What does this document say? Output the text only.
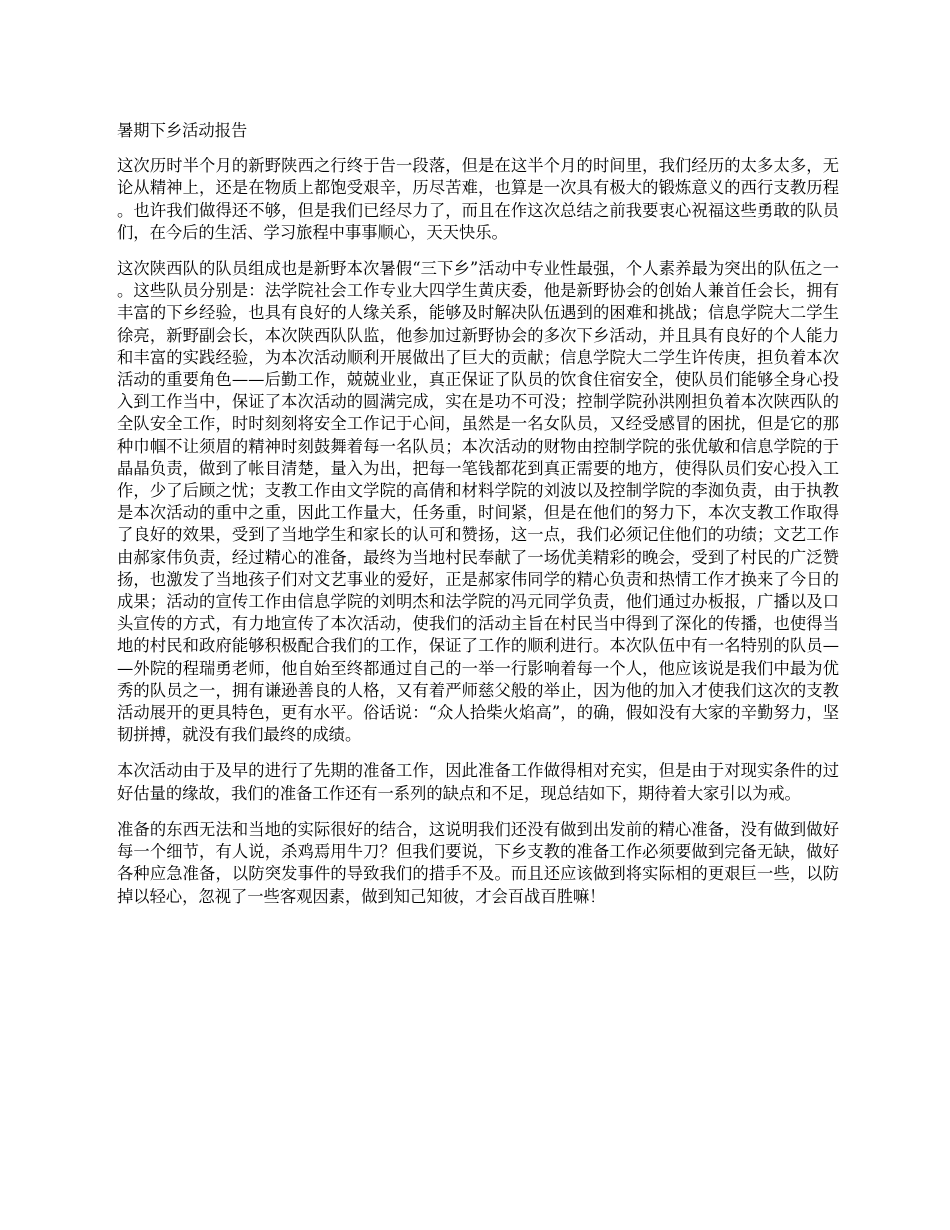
暑期下乡活动报告

这次历时半个月的新野陕西之行终于告一段落，但是在这半个月的时间里，我们经历的太多太多，无论从精神上，还是在物质上都饱受艰辛，历尽苦难，也算是一次具有极大的锻炼意义的西行支教历程。也许我们做得还不够，但是我们已经尽力了，而且在作这次总结之前我要衷心祝福这些勇敢的队员们，在今后的生活、学习旅程中事事顺心，天天快乐。

这次陕西队的队员组成也是新野本次暑假“三下乡”活动中专业性最强，个人素养最为突出的队伍之一。这些队员分别是：法学院社会工作专业大四学生黄庆委，他是新野协会的创始人兼首任会长，拥有丰富的下乡经验，也具有良好的人缘关系，能够及时解决队伍遇到的困难和挑战；信息学院大二学生徐亮，新野副会长，本次陕西队队监，他参加过新野协会的多次下乡活动，并且具有良好的个人能力和丰富的实践经验，为本次活动顺利开展做出了巨大的贡献；信息学院大二学生许传庚，担负着本次活动的重要角色——后勤工作，兢兢业业，真正保证了队员的饮食住宿安全，使队员们能够全身心投入到工作当中，保证了本次活动的圆满完成，实在是功不可没；控制学院孙洪刚担负着本次陕西队的全队安全工作，时时刻刻将安全工作记于心间，虽然是一名女队员，又经受感冒的困扰，但是它的那种巾帼不让须眉的精神时刻鼓舞着每一名队员；本次活动的财物由控制学院的张优敏和信息学院的于晶晶负责，做到了帐目清楚，量入为出，把每一笔钱都花到真正需要的地方，使得队员们安心投入工作，少了后顾之忧；支教工作由文学院的高倩和材料学院的刘波以及控制学院的李洳负责，由于执教是本次活动的重中之重，因此工作量大，任务重，时间紧，但是在他们的努力下，本次支教工作取得了良好的效果，受到了当地学生和家长的认可和赞扬，这一点，我们必须记住他们的功绩；文艺工作由郝家伟负责，经过精心的准备，最终为当地村民奉献了一场优美精彩的晚会，受到了村民的广泛赞扬，也激发了当地孩子们对文艺事业的爱好，正是郝家伟同学的精心负责和热情工作才换来了今日的成果；活动的宣传工作由信息学院的刘明杰和法学院的冯元同学负责，他们通过办板报，广播以及口头宣传的方式，有力地宣传了本次活动，使我们的活动主旨在村民当中得到了深化的传播，也使得当地的村民和政府能够积极配合我们的工作，保证了工作的顺利进行。本次队伍中有一名特别的队员——外院的程瑞勇老师，他自始至终都通过自己的一举一行影响着每一个人，他应该说是我们中最为优秀的队员之一，拥有谦逊善良的人格，又有着严师慈父般的举止，因为他的加入才使我们这次的支教活动展开的更具特色，更有水平。俗话说：“众人拾柴火焰高”，的确，假如没有大家的辛勤努力，坚韧拼搏，就没有我们最终的成绩。

本次活动由于及早的进行了先期的准备工作，因此准备工作做得相对充实，但是由于对现实条件的过好估量的缘故，我们的准备工作还有一系列的缺点和不足，现总结如下，期待着大家引以为戒。

准备的东西无法和当地的实际很好的结合，这说明我们还没有做到出发前的精心准备，没有做到做好每一个细节，有人说，杀鸡焉用牛刀？但我们要说，下乡支教的准备工作必须要做到完备无缺，做好各种应急准备，以防突发事件的导致我们的措手不及。而且还应该做到将实际相的更艰巨一些，以防掉以轻心，忽视了一些客观因素，做到知己知彼，才会百战百胜嘛！
